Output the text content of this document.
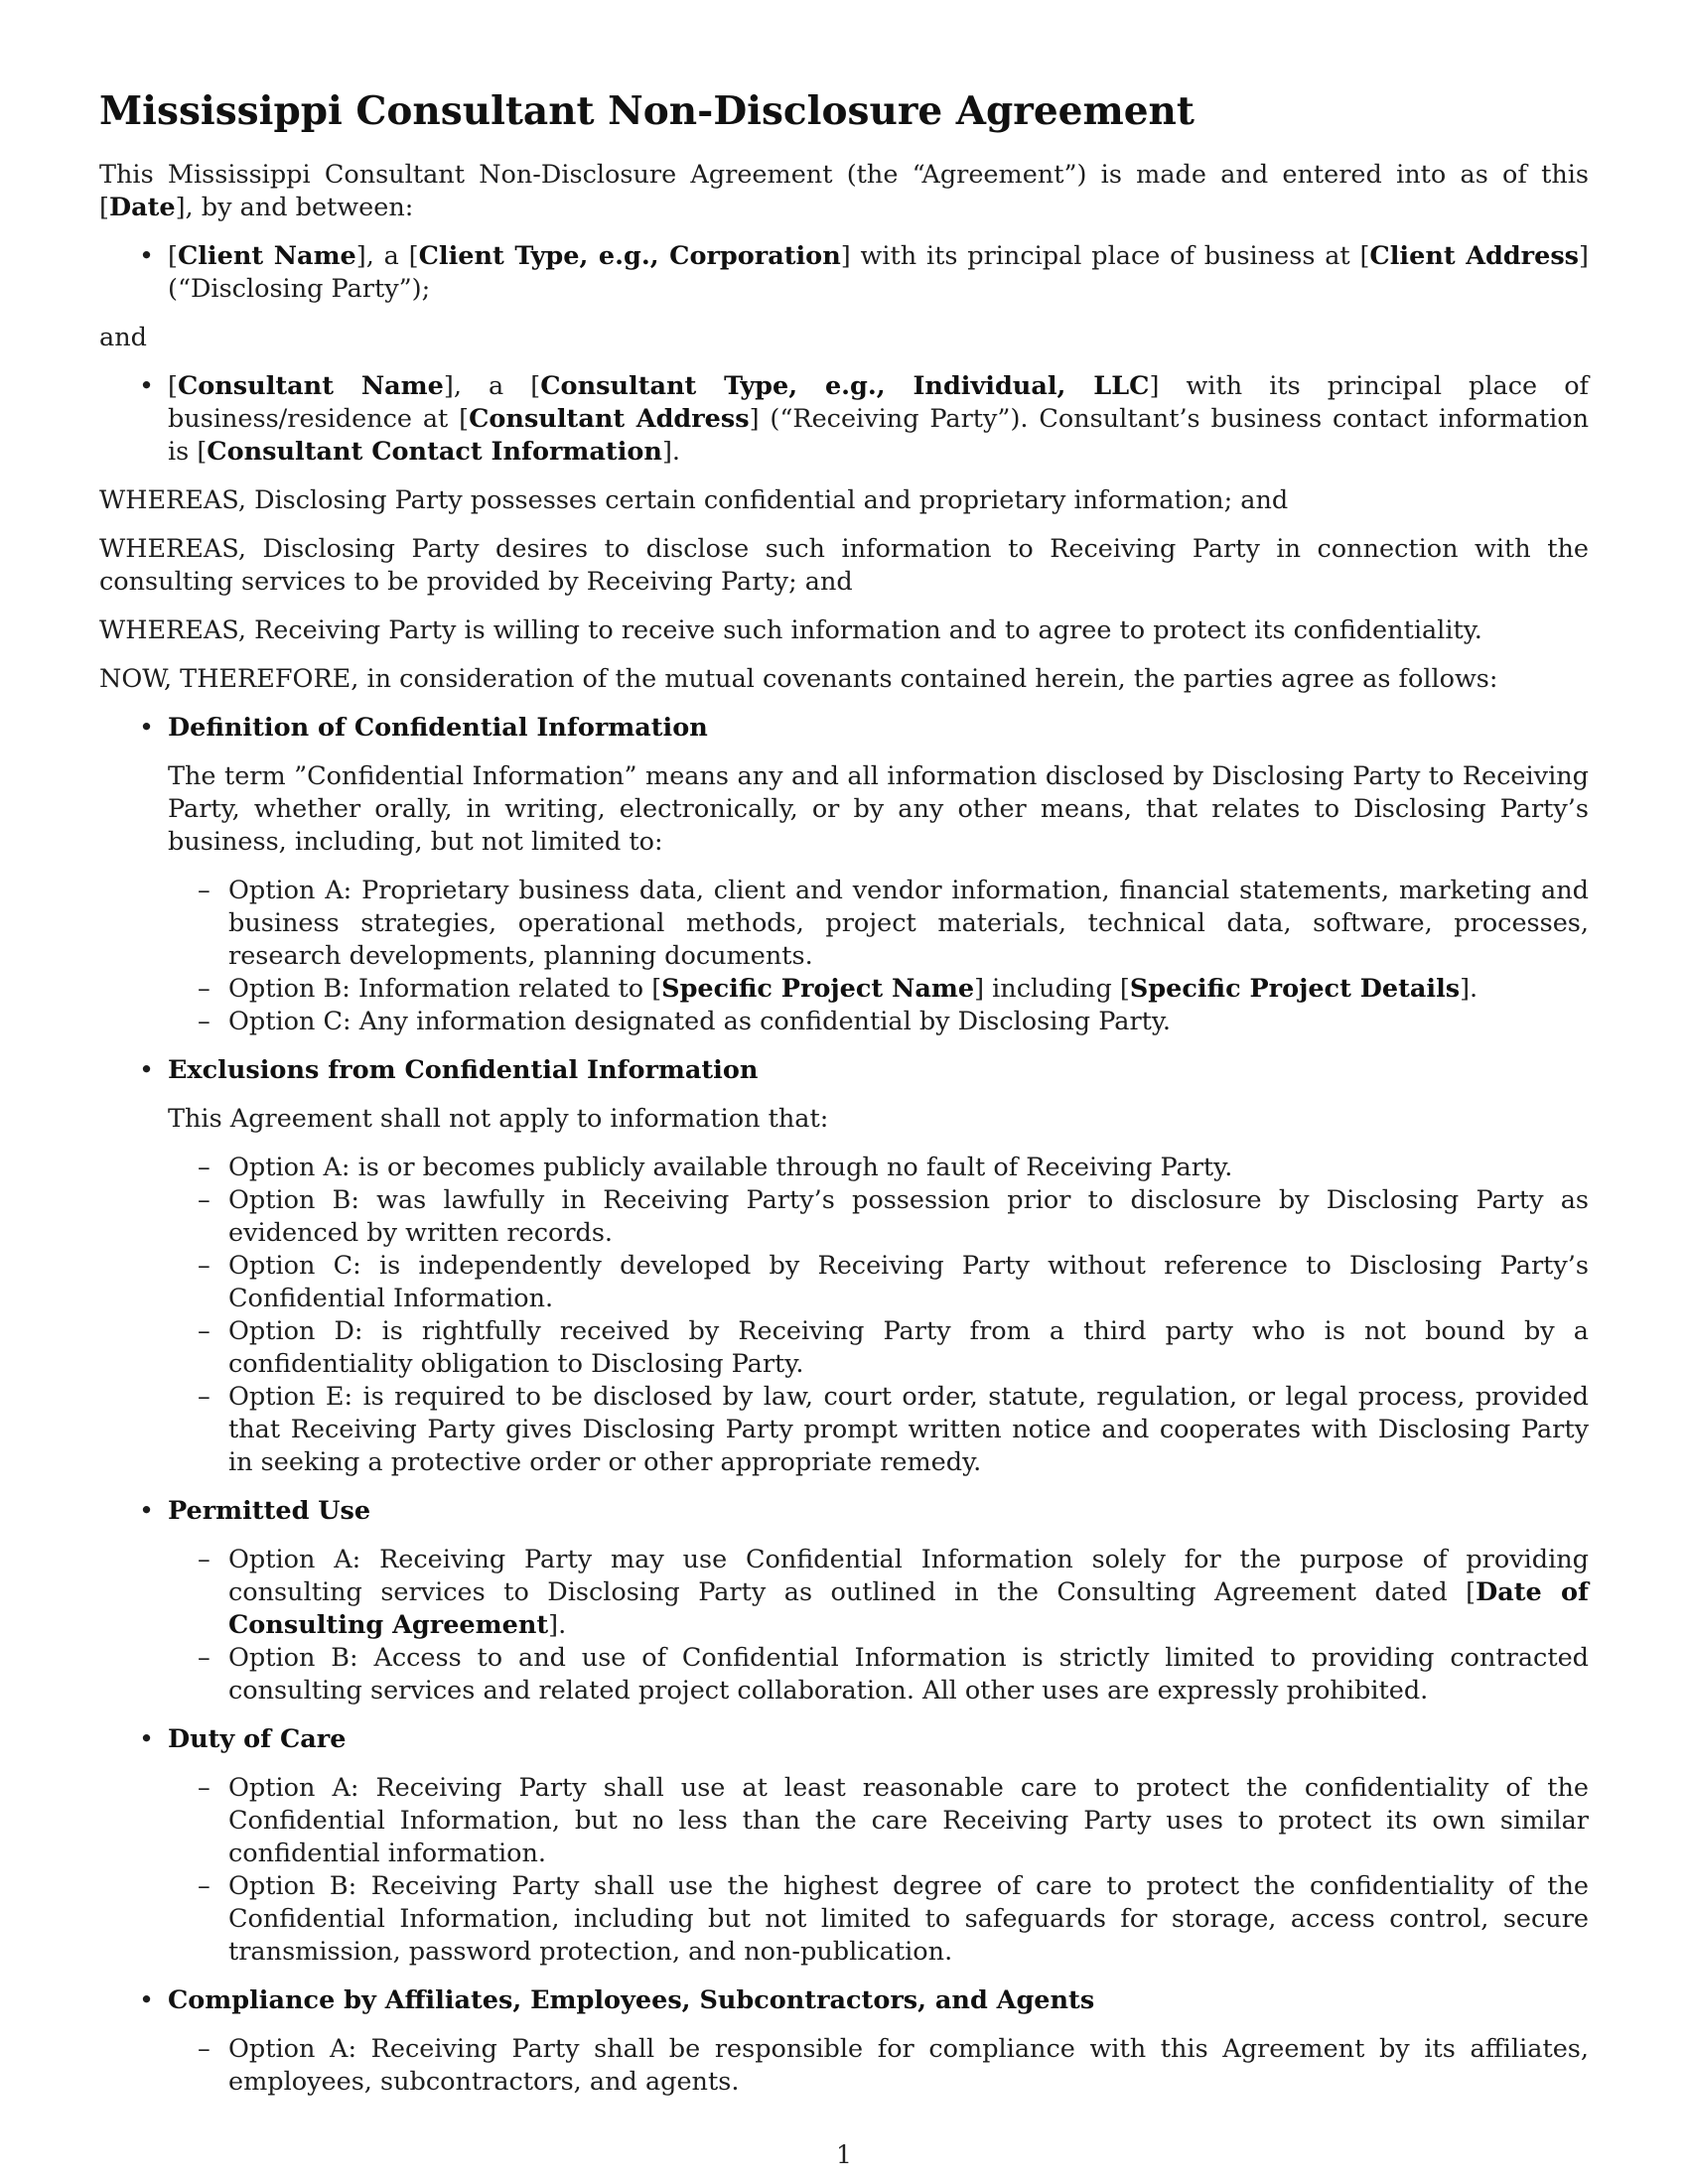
Mississippi Consultant Non-Disclosure Agreement

This Mississippi Consultant Non-Disclosure Agreement (the “Agreement”) is made and entered into as of this [Date], by and between:

• [Client Name], a [Client Type, e.g., Corporation] with its principal place of business at [Client Address] (“Disclosing Party”);

and

• [Consultant Name], a [Consultant Type, e.g., Individual, LLC] with its principal place of business/residence at [Consultant Address] (“Receiving Party”). Consultant’s business contact information is [Consultant Contact Information].

WHEREAS, Disclosing Party possesses certain confidential and proprietary information; and

WHEREAS, Disclosing Party desires to disclose such information to Receiving Party in connection with the consulting services to be provided by Receiving Party; and

WHEREAS, Receiving Party is willing to receive such information and to agree to protect its confidentiality.

NOW, THEREFORE, in consideration of the mutual covenants contained herein, the parties agree as follows:

• Definition of Confidential Information

The term ”Confidential Information” means any and all information disclosed by Disclosing Party to Receiving Party, whether orally, in writing, electronically, or by any other means, that relates to Disclosing Party’s business, including, but not limited to:

– Option A: Proprietary business data, client and vendor information, financial statements, marketing and business strategies, operational methods, project materials, technical data, software, processes, research developments, planning documents.
– Option B: Information related to [Specific Project Name] including [Specific Project Details].
– Option C: Any information designated as confidential by Disclosing Party.
• Exclusions from Confidential Information

This Agreement shall not apply to information that:

– Option A: is or becomes publicly available through no fault of Receiving Party.
– Option B: was lawfully in Receiving Party’s possession prior to disclosure by Disclosing Party as evidenced by written records.
– Option C: is independently developed by Receiving Party without reference to Disclosing Party’s Confidential Information.
– Option D: is rightfully received by Receiving Party from a third party who is not bound by a confidentiality obligation to Disclosing Party.
– Option E: is required to be disclosed by law, court order, statute, regulation, or legal process, provided that Receiving Party gives Disclosing Party prompt written notice and cooperates with Disclosing Party in seeking a protective order or other appropriate remedy.
• Permitted Use
– Option A: Receiving Party may use Confidential Information solely for the purpose of providing consulting services to Disclosing Party as outlined in the Consulting Agreement dated [Date of Consulting Agreement].
– Option B: Access to and use of Confidential Information is strictly limited to providing contracted consulting services and related project collaboration. All other uses are expressly prohibited.
• Duty of Care
– Option A: Receiving Party shall use at least reasonable care to protect the confidentiality of the Confidential Information, but no less than the care Receiving Party uses to protect its own similar confidential information.
– Option B: Receiving Party shall use the highest degree of care to protect the confidentiality of the Confidential Information, including but not limited to safeguards for storage, access control, secure transmission, password protection, and non-publication.
• Compliance by Affiliates, Employees, Subcontractors, and Agents
– Option A: Receiving Party shall be responsible for compliance with this Agreement by its affiliates, employees, subcontractors, and agents.
1
